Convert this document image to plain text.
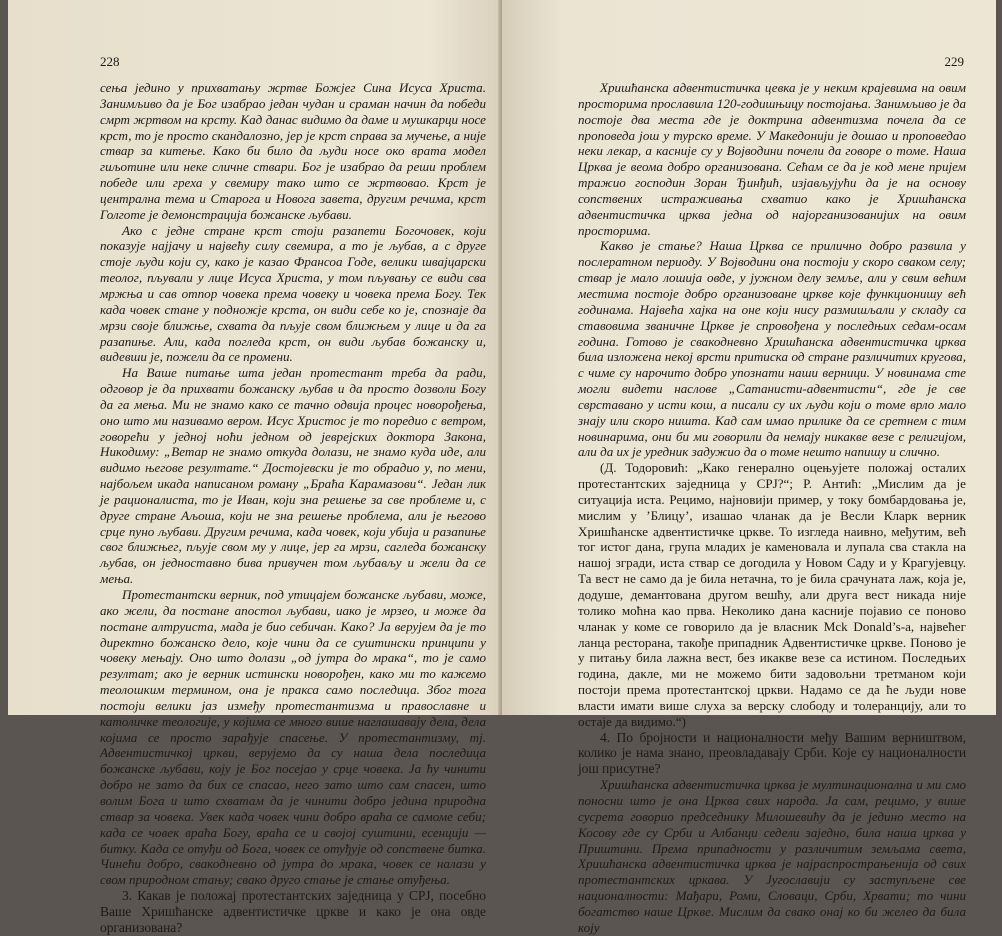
228

сења једино у прихватању жртве Божјег Сина Исуса Христа. Занимљиво да је Бог изабрао један чудан и сраман начин да победи смрт жртвом на крсту. Кад данас видимо да даме и мушкарци носе крст, то је просто скандалозно, јер је крст справа за мучење, а није ствар за китење. Како би било да људи носе око врата модел гиљотине или неке сличне ствари. Бог је изабрао да реши проблем победе или греха у свемиру тако што се жртвовао. Крст је централна тема и Старога и Новога завета, другим речима, крст Голготе је демонстрација божанске љубави.

Ако с једне стране крст стоји разапети Богочовек, који показује најјачу и највећу силу свемира, а то је љубав, а с друге стоје људи који су, како је казао Франсоа Годе, велики швајцарски теолог, пљували у лице Исуса Христа, у том пљувању се види сва мржња и сав отпор човека према човеку и човека према Богу. Тек када човек стане у подножје крста, он види себе ко је, спознаје да мрзи своје ближње, схвата да пљује свом ближњем у лице и да га разапиње. Али, када погледа крст, он види љубав божанску и, видевши је, пожели да се промени.

На Ваше питање шта један протестант треба да ради, одговор је да прихвати божанску љубав и да просто дозволи Богу да га мења. Ми не знамо како се тачно одвија процес новорођења, оно што ми називамо вером. Исус Христос је то поредио с ветром, говорећи у једној ноћи једном од јеврејских доктора Закона, Никодиму: „Ветар не знамо откуда долази, не знамо куда иде, али видимо његове резултате.“ Достојевски је то обрадио у, по мени, најбољем икада написаном роману „Браћа Карамазови“. Један лик је рационалиста, то је Иван, који зна решење за све проблеме и, с друге стране Аљоша, који не зна решење проблема, али је његово срце пуно љубави. Другим речима, када човек, који убија и разапиње свог ближњег, пљује свом му у лице, јер га мрзи, сагледа божанску љубав, он једноставно бива привучен том љубављу и жели да се мења.

Протестантски верник, под утицајем божанске љубави, може, ако жели, да постане апостол љубави, иако је мрзео, и може да постане алтруиста, мада је био себичан. Како? Ја верујем да је то директно божанско дело, које чини да се суштински принципи у човеку мењају. Оно што долази „од јутра до мрака“, то је само резултат; ако је верник истински новорођен, како ми то кажемо теолошким термином, она је пракса само последица. Због тога постоји велики јаз између протестантизма и православне и католичке теологије, у којима се много више наглашавају дела, дела којима се просто зарађује спасење. У протестантизму, тј. Адвентистичкој цркви, верујемо да су наша дела последица божанске љубави, коју је Бог посејао у срце човека. Ја ћу чинити добро не зато да бих се спасао, него зато што сам спасен, што волим Бога и што схватам да је чинити добро једина природна ствар за човека. Увек када човек чини добро враћа се самоме себи; када се човек враћа Богу, враћа се и својој суштини, есенцији — битку. Када се отуђи од Бога, човек се отуђује од сопствене битка. Чинећи добро, свакодневно од јутра до мрака, човек се налази у свом природном стању; свако друго стање је стање отуђења.

3. Какав је положај протестантских заједница у СРЈ, посебно Ваше Хришћанске адвентистичке цркве и како је она овде организована?

229

Хришћанска адвентистичка цевка је у неким крајевима на овим просторима прославила 120-годишњицу постојања. Занимљиво је да постоје два места где је доктрина адвентизма почела да се проповеда још у турско време. У Македонији је дошао и проповедао неки лекар, а касније су у Војводини почели да говоре о томе. Наша Црква је веома добро организована. Сећам се да је код мене пријем тражио господин Зоран Ђинђић, изјављујући да је на основу сопствених истраживања схватио како је Хришћанска адвентистичка црква једна од најорганизованијих на овим просторима.

Какво је стање? Наша Црква се прилично добро развила у послератном периоду. У Војводини она постоји у скоро сваком селу; ствар је мало лошија овде, у јужном делу земље, али у свим већим местима постоје добро организоване цркве које функционишу већ годинама. Највећа хајка на оне који нису размишљали у складу са ставовима званичне Цркве је спровођена у последњих седам-осам година. Готово је свакодневно Хришћанска адвентистичка црква била изложена некој врсти притиска од стране различитих кругова, с чиме су нарочито добро упознати наши верници. У новинама сте могли видети наслове „Сатанисти-адвентисти“, где је све сврставано у исти кош, а писали су их људи који о томе врло мало знају или скоро ништа. Кад сам имао прилике да се сретнем с тим новинарима, они би ми говорили да немају никакве везе с религијом, али да их је уредник задужио да о томе нешто напишу и слично.

(Д. Тодоровић: „Како генерално оцењујете положај осталих протестантских заједница у СРЈ?“; Р. Антић: „Мислим да је ситуација иста. Рецимо, најновији пример, у току бомбардовања је, мислим у ’Блицу’, изашао чланак да је Весли Кларк верник Хришћанске адвентистичке цркве. То изгледа наивно, међутим, већ тог истог дана, група младих је каменовала и лупала сва стакла на нашој згради, иста ствар се догодила у Новом Саду и у Крагујевцу. Та вест не само да је била нетачна, то је била срачуната лаж, која је, додуше, демантована другом вешћу, али друга вест никада није толико моћна као прва. Неколико дана касније појавио се поново чланак у коме се говорило да је власник Mck Donald’s-а, највећег ланца ресторана, такође припадник Адвентистичке цркве. Поново је у питању била лажна вест, без икакве везе са истином. Последњих година, дакле, ми не можемо бити задовољни третманом који постоји према протестантској цркви. Надамо се да ће људи нове власти имати више слуха за верску слободу и толеранцију, али то остаје да видимо.“)

4. По бројности и националности међу Вашим верништвом, колико је нама знано, преовладавају Срби. Које су националности још присутне?

Хришћанска адвентистичка црква је мултинационална и ми смо поносни што је она Црква свих народа. Ја сам, рецимо, у више сусрета говорио председнику Милошевићу да је једино место на Косову где су Срби и Албанци седели заједно, била наша црква у Приштини. Према припадности у различитим земљама света, Хришћанска адвентистичка црква је најраспрострањенија од свих протестантских цркава. У Југославији су заступљене све националности: Мађари, Роми, Словаци, Срби, Хрвати; то чини богатство наше Цркве. Мислим да свако онај ко би желео да била коју
